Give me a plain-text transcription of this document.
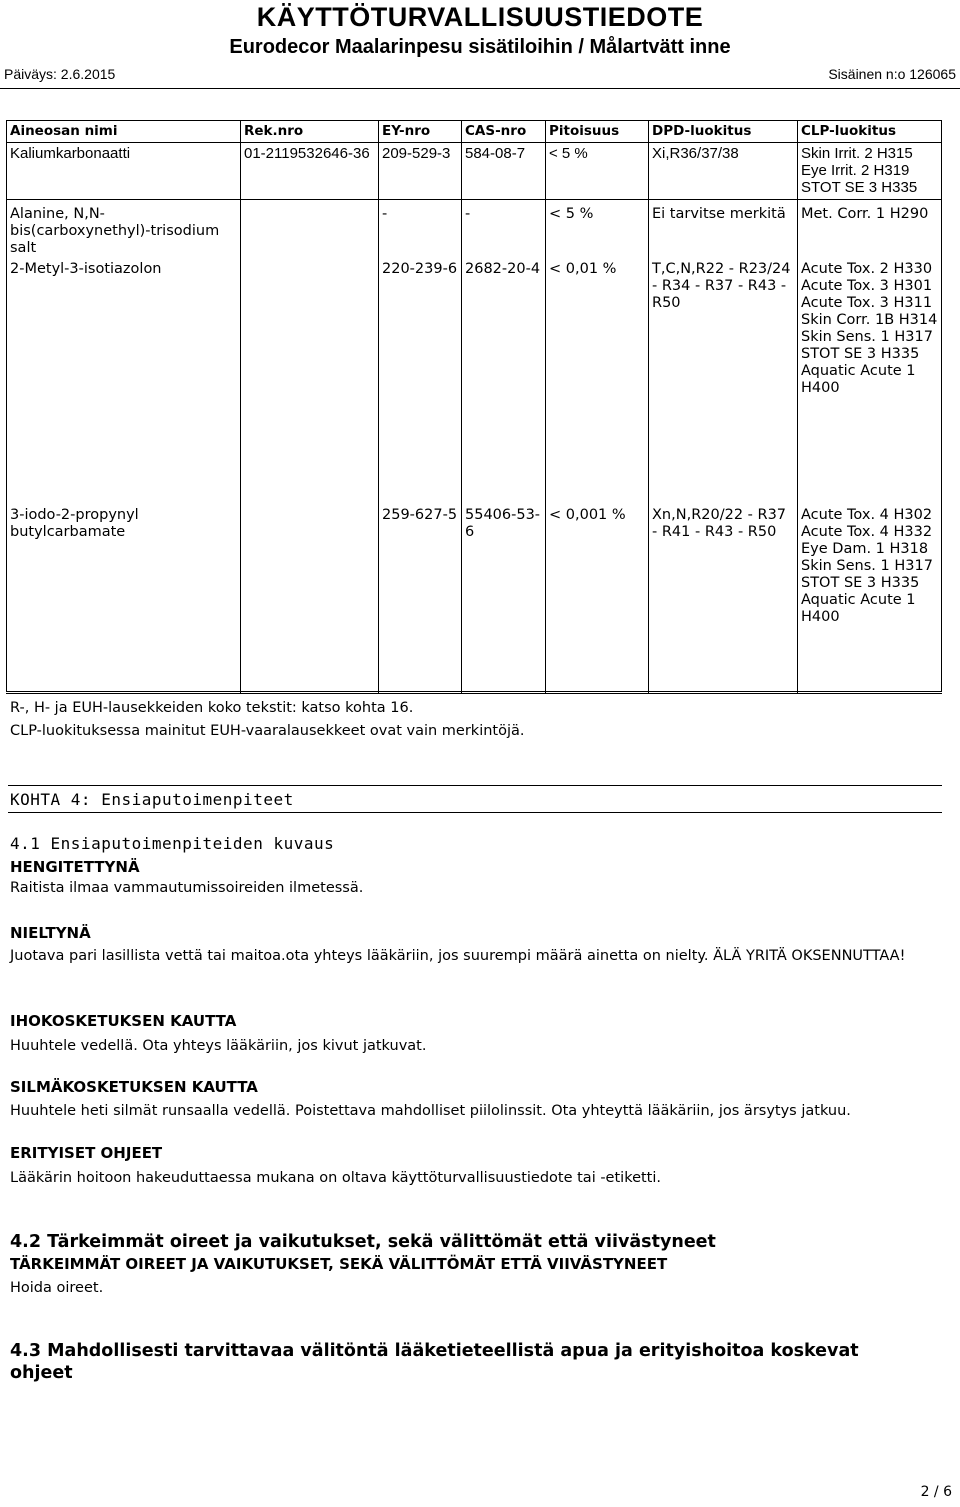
KÄYTTÖTURVALLISUUSTIEDOTE
Eurodecor Maalarinpesu sisätiloihin / Målartvätt inne
Päiväys: 2.6.2015	Sisäinen n:o 126065
Aineosan nimi	Rek.nro	EY-nro	CAS-nro	Pitoisuus	DPD-luokitus	CLP-luokitus
Kaliumkarbonaatti	01-2119532646-36	209-529-3	584-08-7	< 5 %	Xi,R36/37/38	Skin Irrit. 2 H315 Eye Irrit. 2 H319 STOT SE 3 H335
Alanine, N,N-bis(carboxynethyl)-trisodium salt		-	-	< 5 %	Ei tarvitse merkitä	Met. Corr. 1 H290
2-Metyl-3-isotiazolon		220-239-6	2682-20-4	< 0,01 %	T,C,N,R22 - R23/24 - R34 - R37 - R43 - R50	Acute Tox. 2 H330 Acute Tox. 3 H301 Acute Tox. 3 H311 Skin Corr. 1B H314 Skin Sens. 1 H317 STOT SE 3 H335 Aquatic Acute 1 H400
3-iodo-2-propynyl butylcarbamate		259-627-5	55406-53-6	< 0,001 %	Xn,N,R20/22 - R37 - R41 - R43 - R50	Acute Tox. 4 H302 Acute Tox. 4 H332 Eye Dam. 1 H318 Skin Sens. 1 H317 STOT SE 3 H335 Aquatic Acute 1 H400
R-, H- ja EUH-lausekkeiden koko tekstit: katso kohta 16.
CLP-luokituksessa mainitut EUH-vaaralausekkeet ovat vain merkintöjä.
KOHTA 4: Ensiaputoimenpiteet
4.1 Ensiaputoimenpiteiden kuvaus
HENGITETTYNÄ
Raitista ilmaa vammautumissoireiden ilmetessä.
NIELTYNÄ
Juotava pari lasillista vettä tai maitoa.ota yhteys lääkäriin, jos suurempi määrä ainetta on nielty. ÄLÄ YRITÄ OKSENNUTTAA!
IHOKOSKETUKSEN KAUTTA
Huuhtele vedellä. Ota yhteys lääkäriin, jos kivut jatkuvat.
SILMÄKOSKETUKSEN KAUTTA
Huuhtele heti silmät runsaalla vedellä. Poistettava mahdolliset piilolinssit. Ota yhteyttä lääkäriin, jos ärsytys jatkuu.
ERITYISET OHJEET
Lääkärin hoitoon hakeuduttaessa mukana on oltava käyttöturvallisuustiedote tai -etiketti.
4.2 Tärkeimmät oireet ja vaikutukset, sekä välittömät että viivästyneet
TÄRKEIMMÄT OIREET JA VAIKUTUKSET, SEKÄ VÄLITTÖMÄT ETTÄ VIIVÄSTYNEET
Hoida oireet.
4.3 Mahdollisesti tarvittavaa välitöntä lääketieteellistä apua ja erityishoitoa koskevat ohjeet
2 / 6
